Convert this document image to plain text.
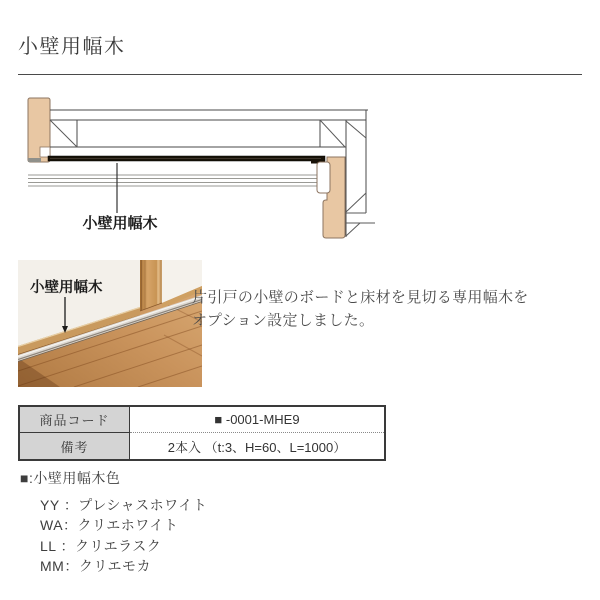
小壁用幅木
小壁用幅木
小壁用幅木

片引戸の小壁のボードと床材を見切る専用幅木を
オプション設定しました。

商品コード	■ -0001-MHE9
備考	2本入 （t:3、H=60、L=1000）
■:小壁用幅木色
YY ：プレシャスホワイト
WA：クリエホワイト
LL ：クリエラスク
MM：クリエモカ
